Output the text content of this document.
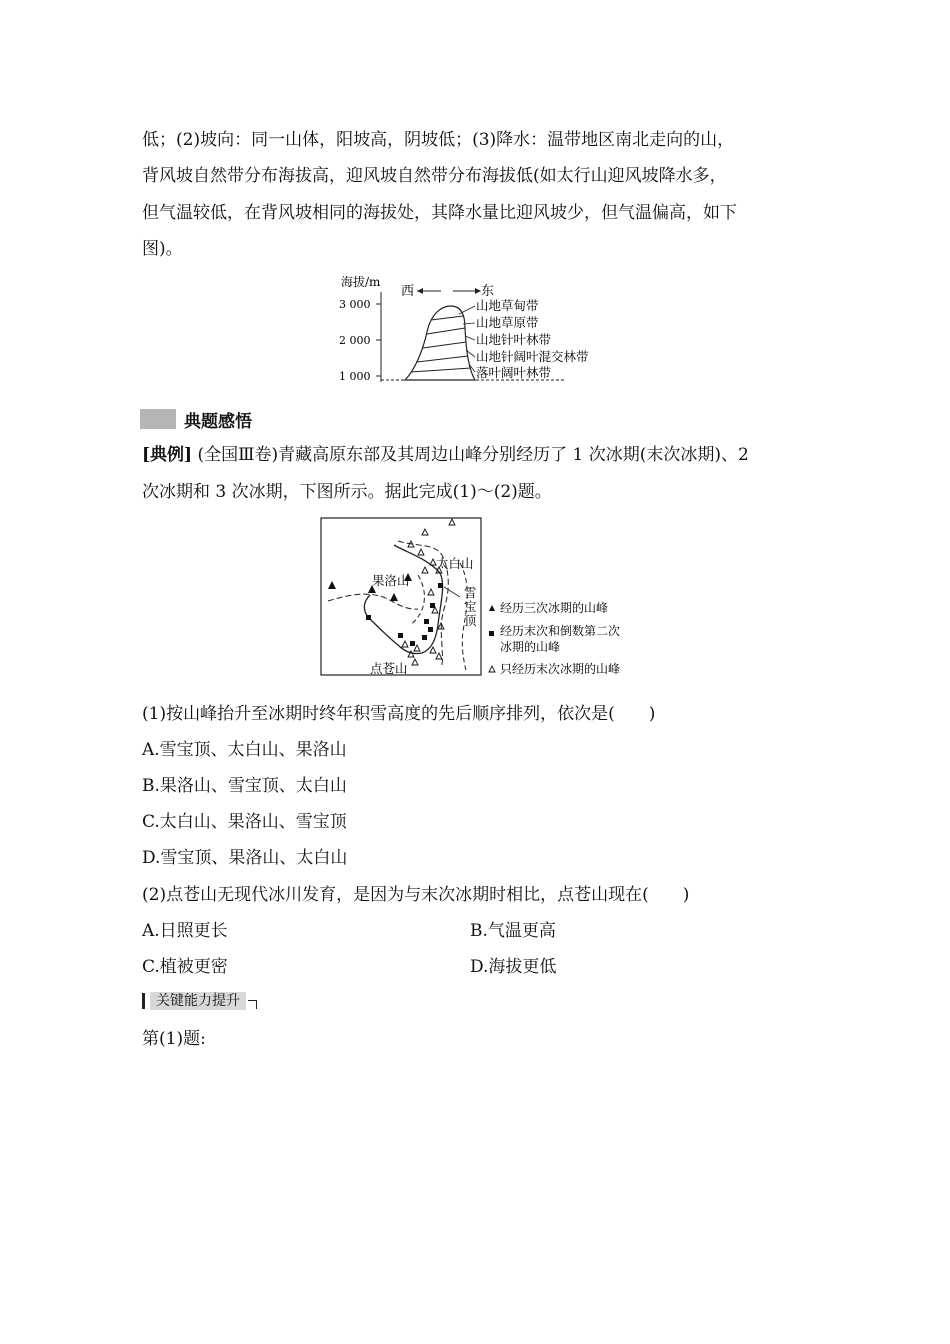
低；(2)坡向：同一山体，阳坡高，阴坡低；(3)降水：温带地区南北走向的山，
背风坡自然带分布海拔高，迎风坡自然带分布海拔低(如太行山迎风坡降水多，
但气温较低，在背风坡相同的海拔处，其降水量比迎风坡少，但气温偏高，如下
图)。
海拔/m
3 000
2 000
1 000
西	东
山地草甸带
山地草原带
山地针叶林带
山地针阔叶混交林带
落叶阔叶林带
典题感悟
[典例] (全国Ⅲ卷)青藏高原东部及其周边山峰分别经历了 1 次冰期(末次冰期)、2
次冰期和 3 次冰期，下图所示。据此完成(1)～(2)题。
太白山
果洛山
雪
宝
顶
点苍山
经历三次冰期的山峰
经历末次和倒数第二次
冰期的山峰
只经历末次冰期的山峰
(1)按山峰抬升至冰期时终年积雪高度的先后顺序排列，依次是(　　)
A.雪宝顶、太白山、果洛山
B.果洛山、雪宝顶、太白山
C.太白山、果洛山、雪宝顶
D.雪宝顶、果洛山、太白山
(2)点苍山无现代冰川发育，是因为与末次冰期时相比，点苍山现在(　　)
A.日照更长	B.气温更高
C.植被更密	D.海拔更低
关键能力提升
第(1)题:
